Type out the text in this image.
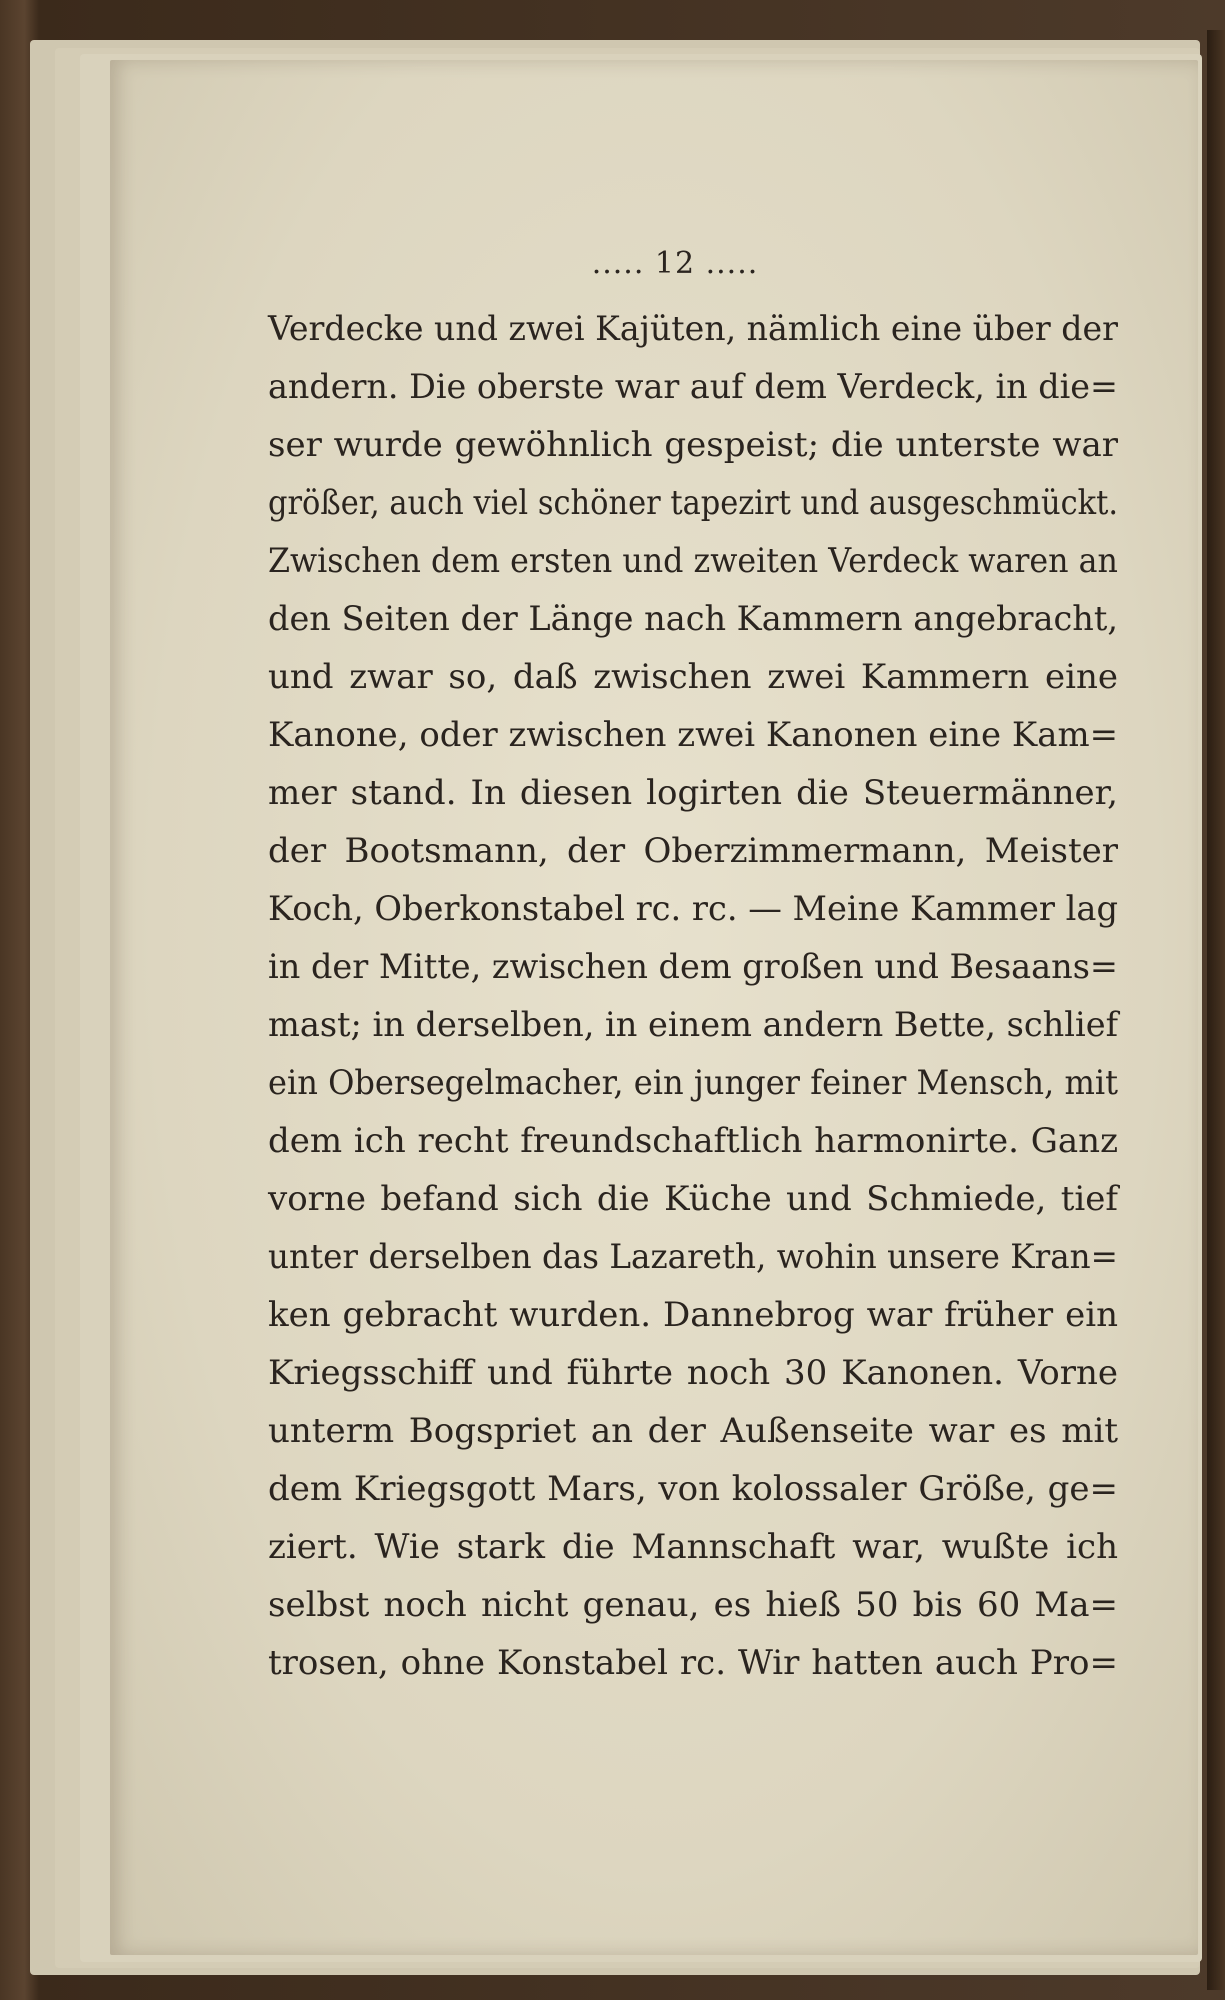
..... 12 .....
Verdecke und zwei Kajüten, nämlich eine über der
andern. Die oberste war auf dem Verdeck, in die=
ser wurde gewöhnlich gespeist; die unterste war
größer, auch viel schöner tapezirt und ausgeschmückt.
Zwischen dem ersten und zweiten Verdeck waren an
den Seiten der Länge nach Kammern angebracht,
und zwar so, daß zwischen zwei Kammern eine
Kanone, oder zwischen zwei Kanonen eine Kam=
mer stand. In diesen logirten die Steuermänner,
der Bootsmann, der Oberzimmermann, Meister
Koch, Oberkonstabel rc. rc. — Meine Kammer lag
in der Mitte, zwischen dem großen und Besaans=
mast; in derselben, in einem andern Bette, schlief
ein Obersegelmacher, ein junger feiner Mensch, mit
dem ich recht freundschaftlich harmonirte. Ganz
vorne befand sich die Küche und Schmiede, tief
unter derselben das Lazareth, wohin unsere Kran=
ken gebracht wurden. Dannebrog war früher ein
Kriegsschiff und führte noch 30 Kanonen. Vorne
unterm Bogspriet an der Außenseite war es mit
dem Kriegsgott Mars, von kolossaler Größe, ge=
ziert. Wie stark die Mannschaft war, wußte ich
selbst noch nicht genau, es hieß 50 bis 60 Ma=
trosen, ohne Konstabel rc. Wir hatten auch Pro=
